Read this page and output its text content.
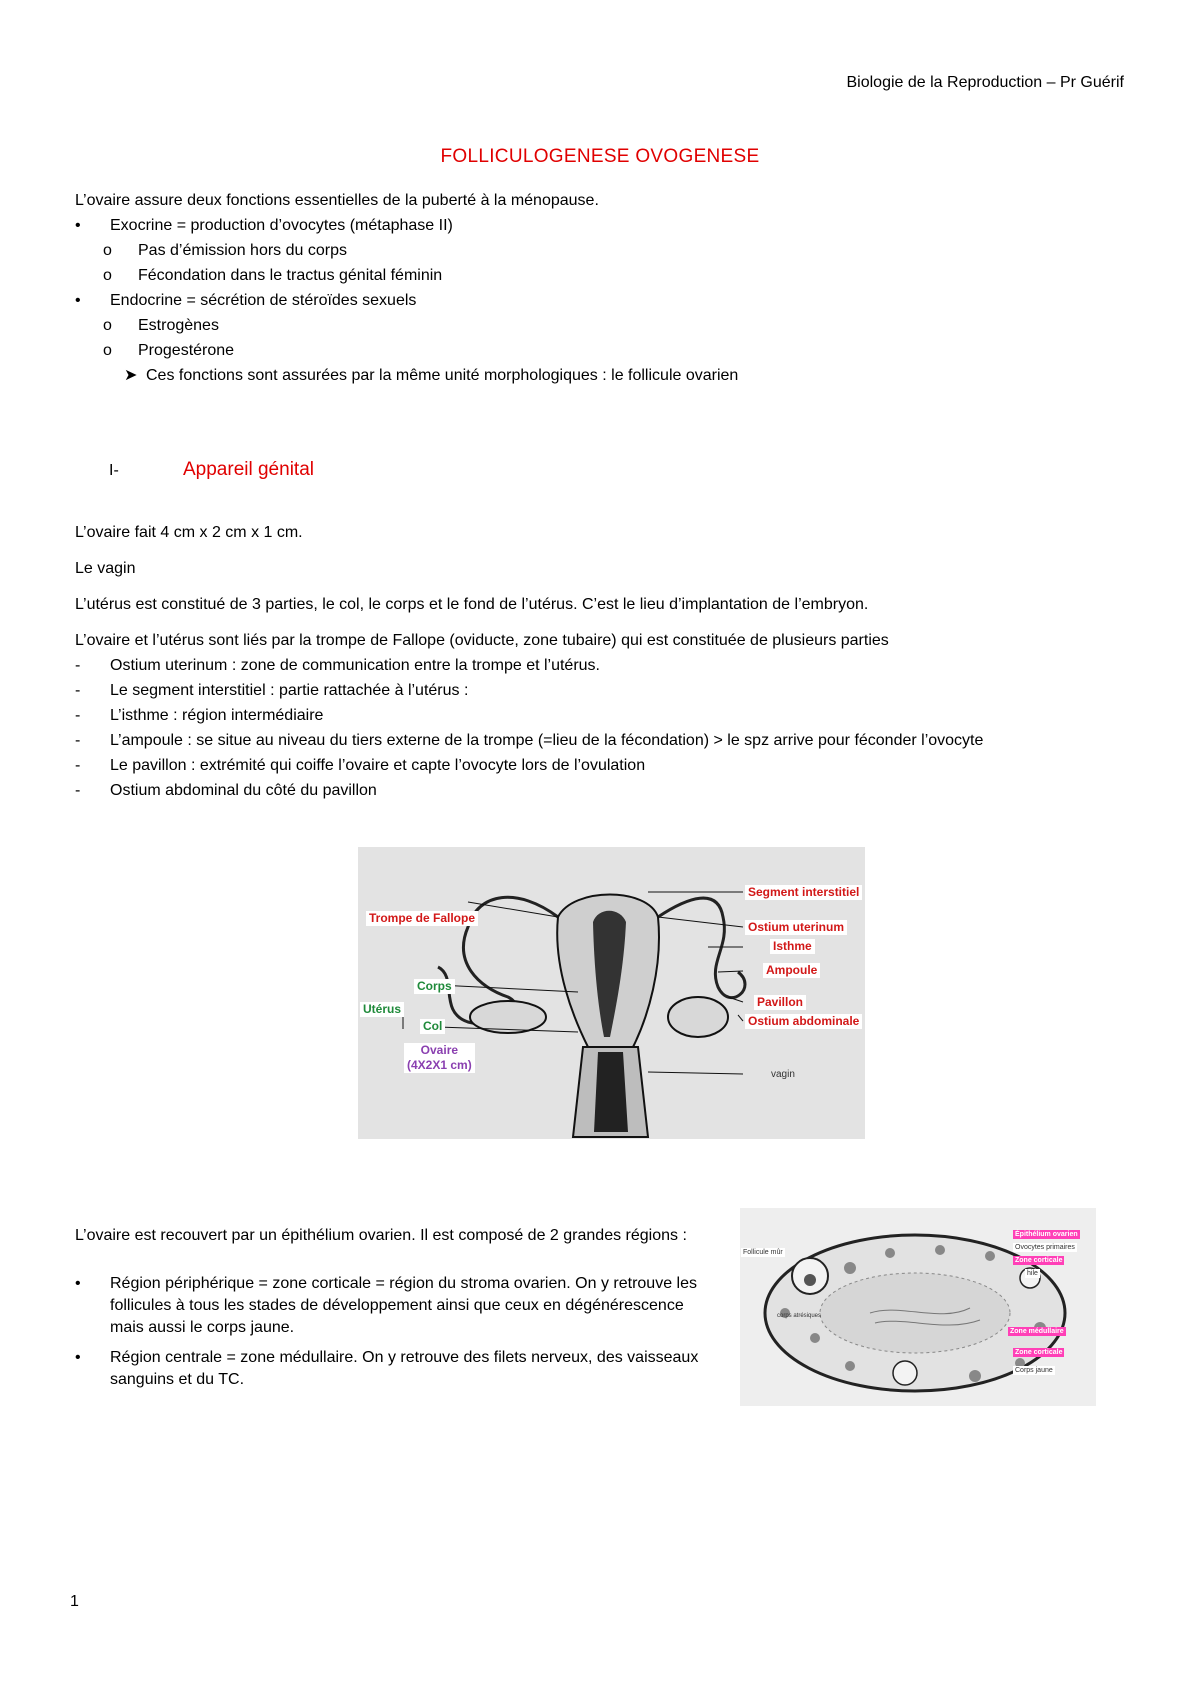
Biologie de la Reproduction – Pr Guérif
FOLLICULOGENESE OVOGENESE
L’ovaire assure deux fonctions essentielles de la puberté à la ménopause.
• Exocrine = production d’ovocytes (métaphase II)
o Pas d’émission hors du corps
o Fécondation dans le tractus génital féminin
• Endocrine = sécrétion de stéroïdes sexuels
o Estrogènes
o Progestérone
➤ Ces fonctions sont assurées par la même unité morphologiques : le follicule ovarien
I-	Appareil génital
L’ovaire fait 4 cm x 2 cm x 1 cm.
Le vagin
L’utérus est constitué de 3 parties, le col, le corps et le fond de l’utérus. C’est le lieu d’implantation de l’embryon.
L’ovaire et l’utérus sont liés par la trompe de Fallope (oviducte, zone tubaire) qui est constituée de plusieurs parties
- Ostium uterinum : zone de communication entre la trompe et l’utérus.
- Le segment interstitiel : partie rattachée à l’utérus :
- L’isthme : région intermédiaire
- L’ampoule : se situe au niveau du tiers externe de la trompe (=lieu de la fécondation) > le spz arrive pour féconder l’ovocyte
- Le pavillon : extrémité qui coiffe l’ovaire et capte l’ovocyte lors de l’ovulation
- Ostium abdominal du côté du pavillon
Trompe de Fallope
Corps
Utérus
Col
Ovaire
(4X2X1 cm)
Segment interstitiel
Ostium uterinum
Isthme
Ampoule
Pavillon
Ostium abdominale
vagin
L’ovaire est recouvert par un épithélium ovarien. Il est composé de 2 grandes régions :
• Région périphérique = zone corticale = région du stroma ovarien. On y retrouve les follicules à tous les stades de développement ainsi que ceux en dégénérescence mais aussi le corps jaune.
• Région centrale = zone médullaire. On y retrouve des filets nerveux, des vaisseaux sanguins et du TC.
Follicule mûr
Épithélium ovarien
Ovocytes primaires
Zone corticale
hile
corps atrésiques
Zone médullaire
Zone corticale
Corps jaune
1
